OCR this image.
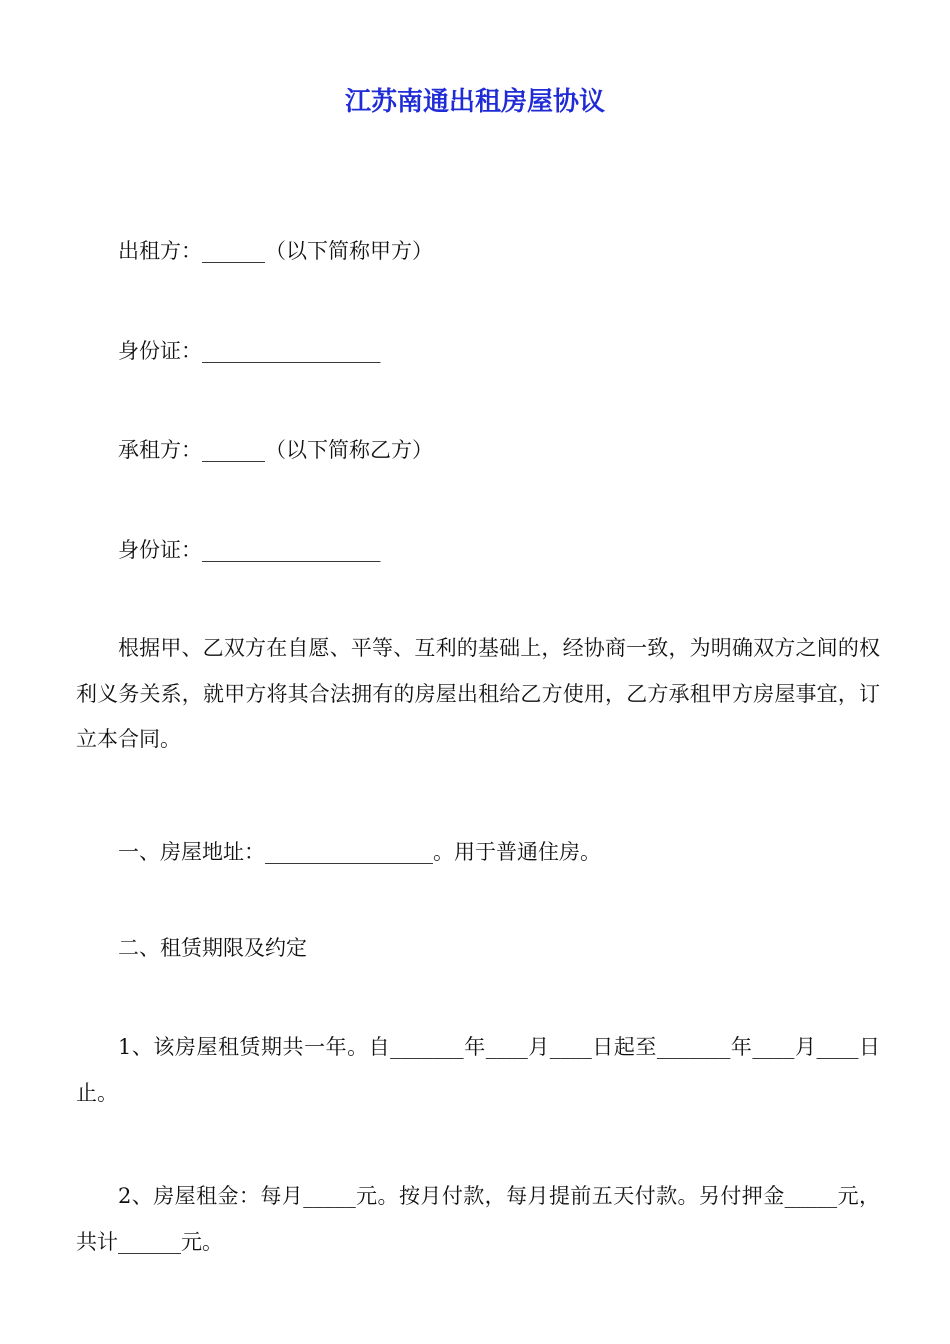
江苏南通出租房屋协议

出租方：______（以下简称甲方）

身份证：_________________

承租方：______（以下简称乙方）

身份证：_________________

根据甲、乙双方在自愿、平等、互利的基础上，经协商一致，为明确双方之间的权利义务关系，就甲方将其合法拥有的房屋出租给乙方使用，乙方承租甲方房屋事宜，订立本合同。

一、房屋地址：________________。用于普通住房。

二、租赁期限及约定

1、该房屋租赁期共一年。自_______年____月____日起至_______年____月____日止。

2、房屋租金：每月_____元。按月付款，每月提前五天付款。另付押金_____元，共计______元。
